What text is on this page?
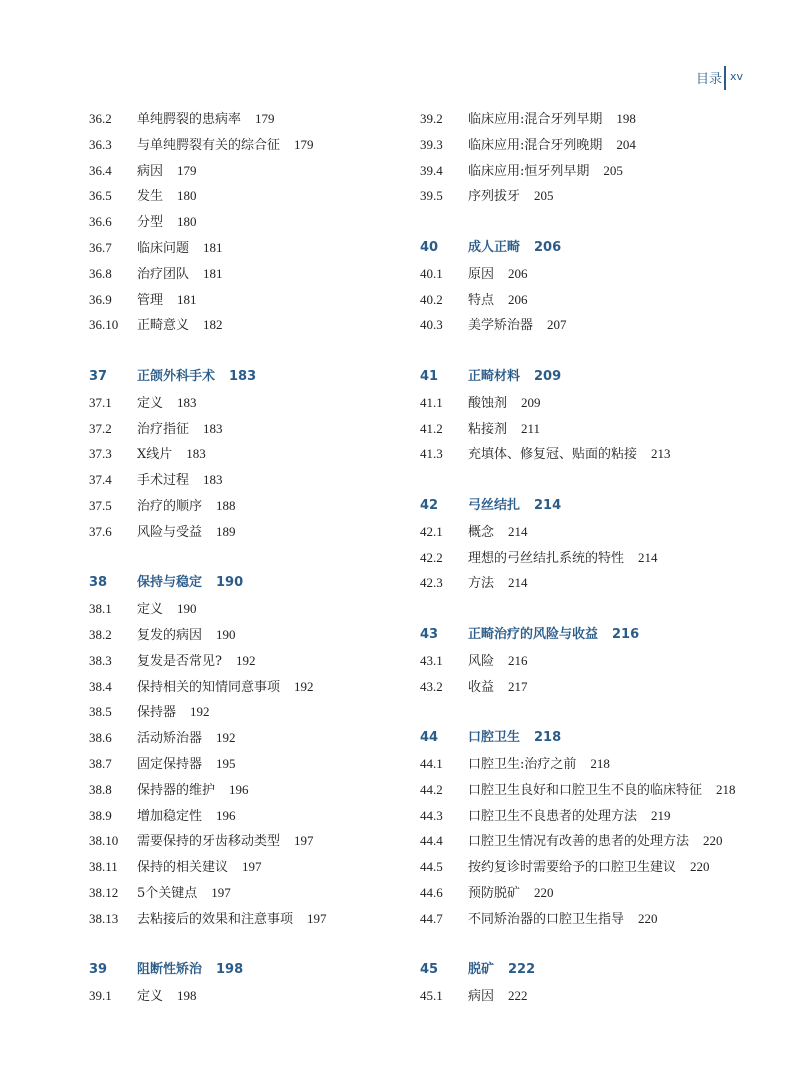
目录 xv
36.2 单纯腭裂的患病率 179
36.3 与单纯腭裂有关的综合征 179
36.4 病因 179
36.5 发生 180
36.6 分型 180
36.7 临床问题 181
36.8 治疗团队 181
36.9 管理 181
36.10 正畸意义 182
37 正颌外科手术 183
37.1 定义 183
37.2 治疗指征 183
37.3 X线片 183
37.4 手术过程 183
37.5 治疗的顺序 188
37.6 风险与受益 189
38 保持与稳定 190
38.1 定义 190
38.2 复发的病因 190
38.3 复发是否常见? 192
38.4 保持相关的知情同意事项 192
38.5 保持器 192
38.6 活动矫治器 192
38.7 固定保持器 195
38.8 保持器的维护 196
38.9 增加稳定性 196
38.10 需要保持的牙齿移动类型 197
38.11 保持的相关建议 197
38.12 5个关键点 197
38.13 去粘接后的效果和注意事项 197
39 阻断性矫治 198
39.1 定义 198
39.2 临床应用:混合牙列早期 198
39.3 临床应用:混合牙列晚期 204
39.4 临床应用:恒牙列早期 205
39.5 序列拔牙 205
40 成人正畸 206
40.1 原因 206
40.2 特点 206
40.3 美学矫治器 207
41 正畸材料 209
41.1 酸蚀剂 209
41.2 粘接剂 211
41.3 充填体、修复冠、贴面的粘接 213
42 弓丝结扎 214
42.1 概念 214
42.2 理想的弓丝结扎系统的特性 214
42.3 方法 214
43 正畸治疗的风险与收益 216
43.1 风险 216
43.2 收益 217
44 口腔卫生 218
44.1 口腔卫生:治疗之前 218
44.2 口腔卫生良好和口腔卫生不良的临床特征 218
44.3 口腔卫生不良患者的处理方法 219
44.4 口腔卫生情况有改善的患者的处理方法 220
44.5 按约复诊时需要给予的口腔卫生建议 220
44.6 预防脱矿 220
44.7 不同矫治器的口腔卫生指导 220
45 脱矿 222
45.1 病因 222
